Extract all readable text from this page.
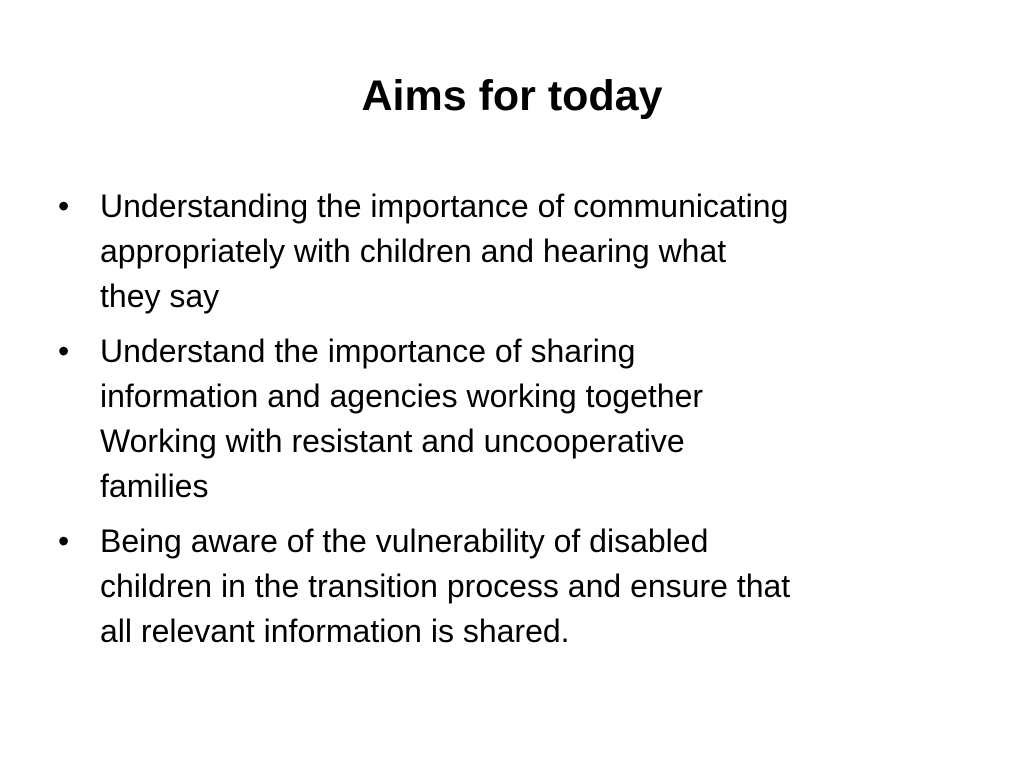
Aims for today
• Understanding the importance of communicating
appropriately with children and hearing what
they say
• Understand the importance of sharing
information and agencies working together
Working with resistant and uncooperative
families
• Being aware of the vulnerability of disabled
children in the transition process and ensure that
all relevant information is shared.
